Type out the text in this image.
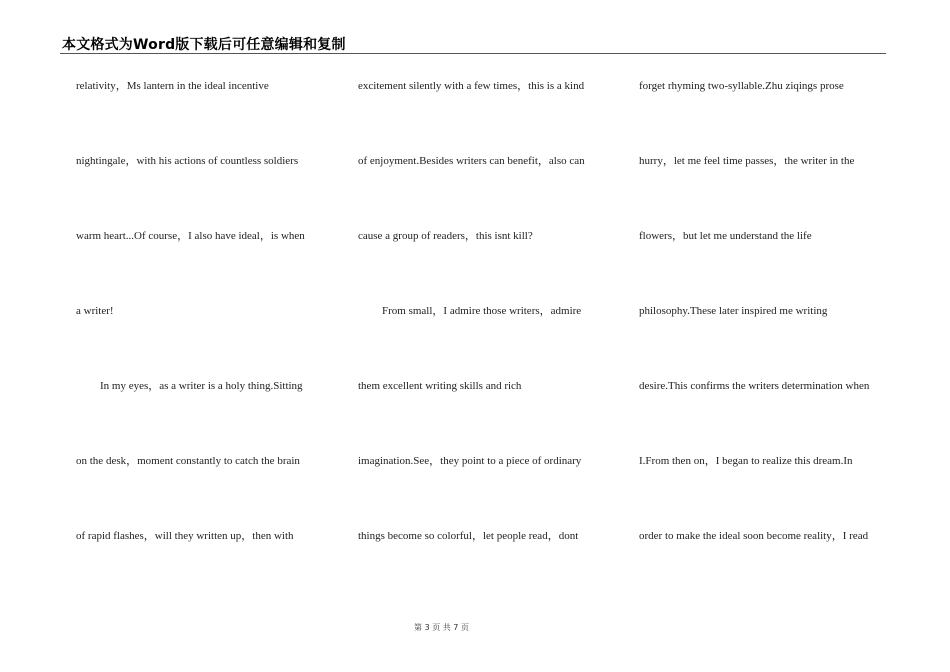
本文格式为Word版下载后可任意编辑和复制
relativity，Ms lantern in the ideal incentive
nightingale，with his actions of countless soldiers
warm heart...Of course，I also have ideal，is when
a writer!
In my eyes，as a writer is a holy thing.Sitting
on the desk，moment constantly to catch the brain
of rapid flashes，will they written up，then with
excitement silently with a few times，this is a kind
of enjoyment.Besides writers can benefit，also can
cause a group of readers，this isnt kill?
From small，I admire those writers，admire
them excellent writing skills and rich
imagination.See，they point to a piece of ordinary
things become so colorful，let people read，dont
forget rhyming two-syllable.Zhu ziqings prose
hurry，let me feel time passes，the writer in the
flowers，but let me understand the life
philosophy.These later inspired me writing
desire.This confirms the writers determination when
I.From then on，I began to realize this dream.In
order to make the ideal soon become reality，I read
第 3 页 共 7 页
